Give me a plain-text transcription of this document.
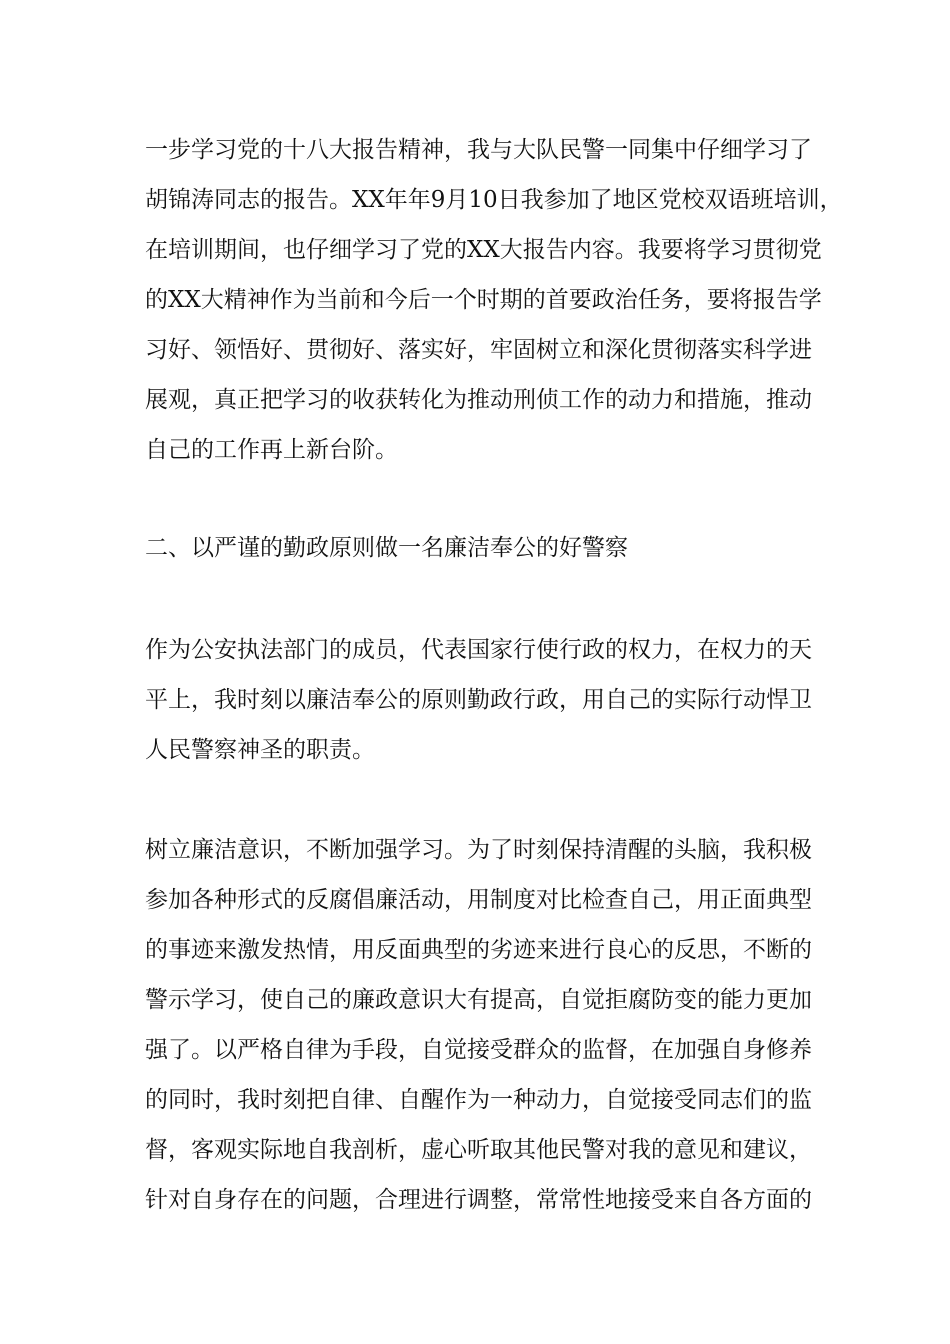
一步学习党的十八大报告精神，我与大队民警一同集中仔细学习了
胡锦涛同志的报告。XX年年9月10日我参加了地区党校双语班培训，
在培训期间，也仔细学习了党的XX大报告内容。我要将学习贯彻党
的XX大精神作为当前和今后一个时期的首要政治任务，要将报告学
习好、领悟好、贯彻好、落实好，牢固树立和深化贯彻落实科学进
展观，真正把学习的收获转化为推动刑侦工作的动力和措施，推动
自己的工作再上新台阶。
二、以严谨的勤政原则做一名廉洁奉公的好警察
作为公安执法部门的成员，代表国家行使行政的权力，在权力的天
平上，我时刻以廉洁奉公的原则勤政行政，用自己的实际行动悍卫
人民警察神圣的职责。
树立廉洁意识，不断加强学习。为了时刻保持清醒的头脑，我积极
参加各种形式的反腐倡廉活动，用制度对比检查自己，用正面典型
的事迹来激发热情，用反面典型的劣迹来进行良心的反思，不断的
警示学习，使自己的廉政意识大有提高，自觉拒腐防变的能力更加
强了。以严格自律为手段，自觉接受群众的监督，在加强自身修养
的同时，我时刻把自律、自醒作为一种动力，自觉接受同志们的监
督，客观实际地自我剖析，虚心听取其他民警对我的意见和建议，
针对自身存在的问题，合理进行调整，常常性地接受来自各方面的
